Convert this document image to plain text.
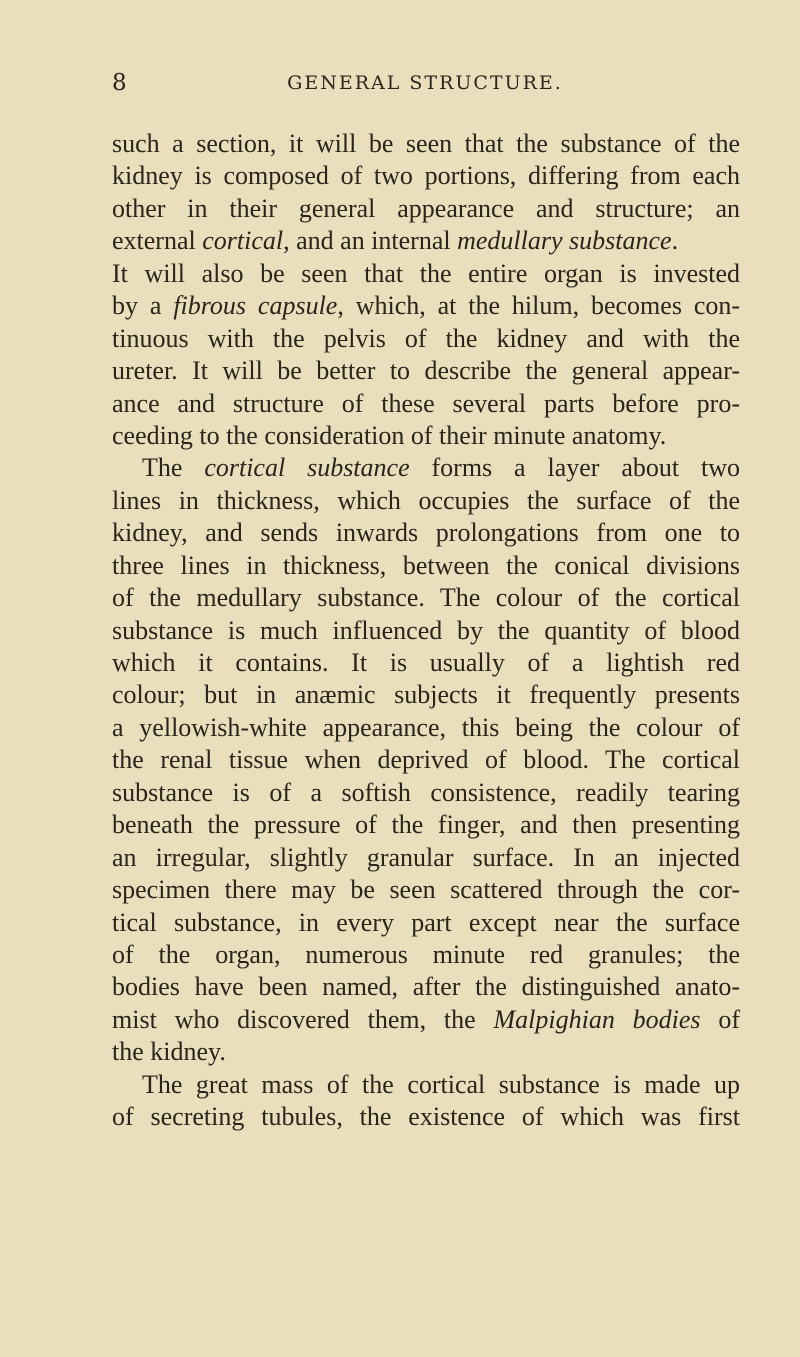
8	GENERAL STRUCTURE.
such a section, it will be seen that the substance of the
kidney is composed of two portions, differing from each
other in their general appearance and structure; an
external cortical, and an internal medullary substance.
It will also be seen that the entire organ is invested
by a fibrous capsule, which, at the hilum, becomes con-
tinuous with the pelvis of the kidney and with the
ureter. It will be better to describe the general appear-
ance and structure of these several parts before pro-
ceeding to the consideration of their minute anatomy.
The cortical substance forms a layer about two
lines in thickness, which occupies the surface of the
kidney, and sends inwards prolongations from one to
three lines in thickness, between the conical divisions
of the medullary substance. The colour of the cortical
substance is much influenced by the quantity of blood
which it contains. It is usually of a lightish red
colour; but in anæmic subjects it frequently presents
a yellowish-white appearance, this being the colour of
the renal tissue when deprived of blood. The cortical
substance is of a softish consistence, readily tearing
beneath the pressure of the finger, and then presenting
an irregular, slightly granular surface. In an injected
specimen there may be seen scattered through the cor-
tical substance, in every part except near the surface
of the organ, numerous minute red granules; the
bodies have been named, after the distinguished anato-
mist who discovered them, the Malpighian bodies of
the kidney.
The great mass of the cortical substance is made up
of secreting tubules, the existence of which was first
